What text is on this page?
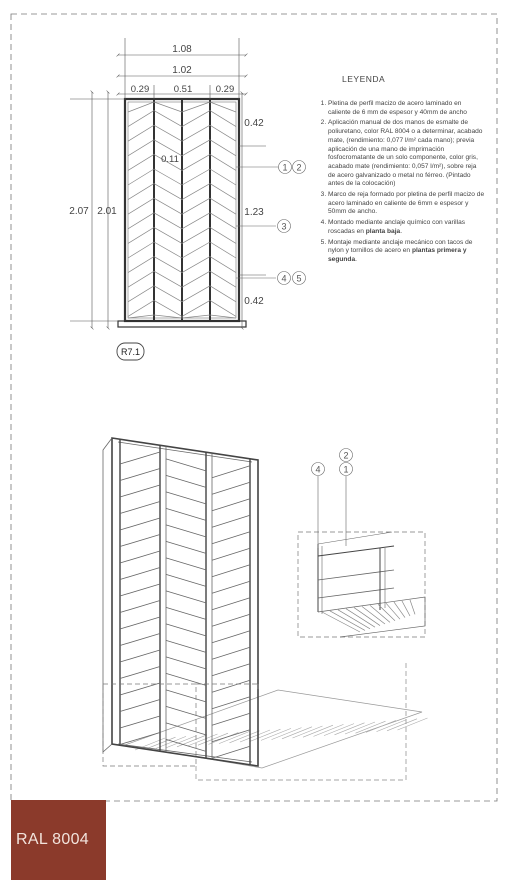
1.08
1.02
0.29	0.51 0.29
2.07 2.01
0.42
1.23
0.42
0.11
1 2
3
4 5
R7.1
4
2
1
LEYENDA
1. Pletina de perfil macizo de acero laminado en caliente de 6 mm de espesor y 40mm de ancho
2. Aplicación manual de dos manos de esmalte de poliuretano, color RAL 8004 o a determinar, acabado mate, (rendimiento: 0,077 l/m² cada mano); previa aplicación de una mano de imprimación fosfocromatante de un solo componente, color gris, acabado mate (rendimiento: 0,057 l/m²), sobre reja de acero galvanizado o metal no férreo. (Pintado antes de la colocación)
3. Marco de reja formado por pletina de perfil macizo de acero laminado en caliente de 6mm e espesor y 50mm de ancho.
4. Montado mediante anclaje químico con varillas roscadas en planta baja.
5. Montaje mediante anclaje mecánico con tacos de nylon y tornillos de acero en plantas primera y segunda.
RAL 8004
